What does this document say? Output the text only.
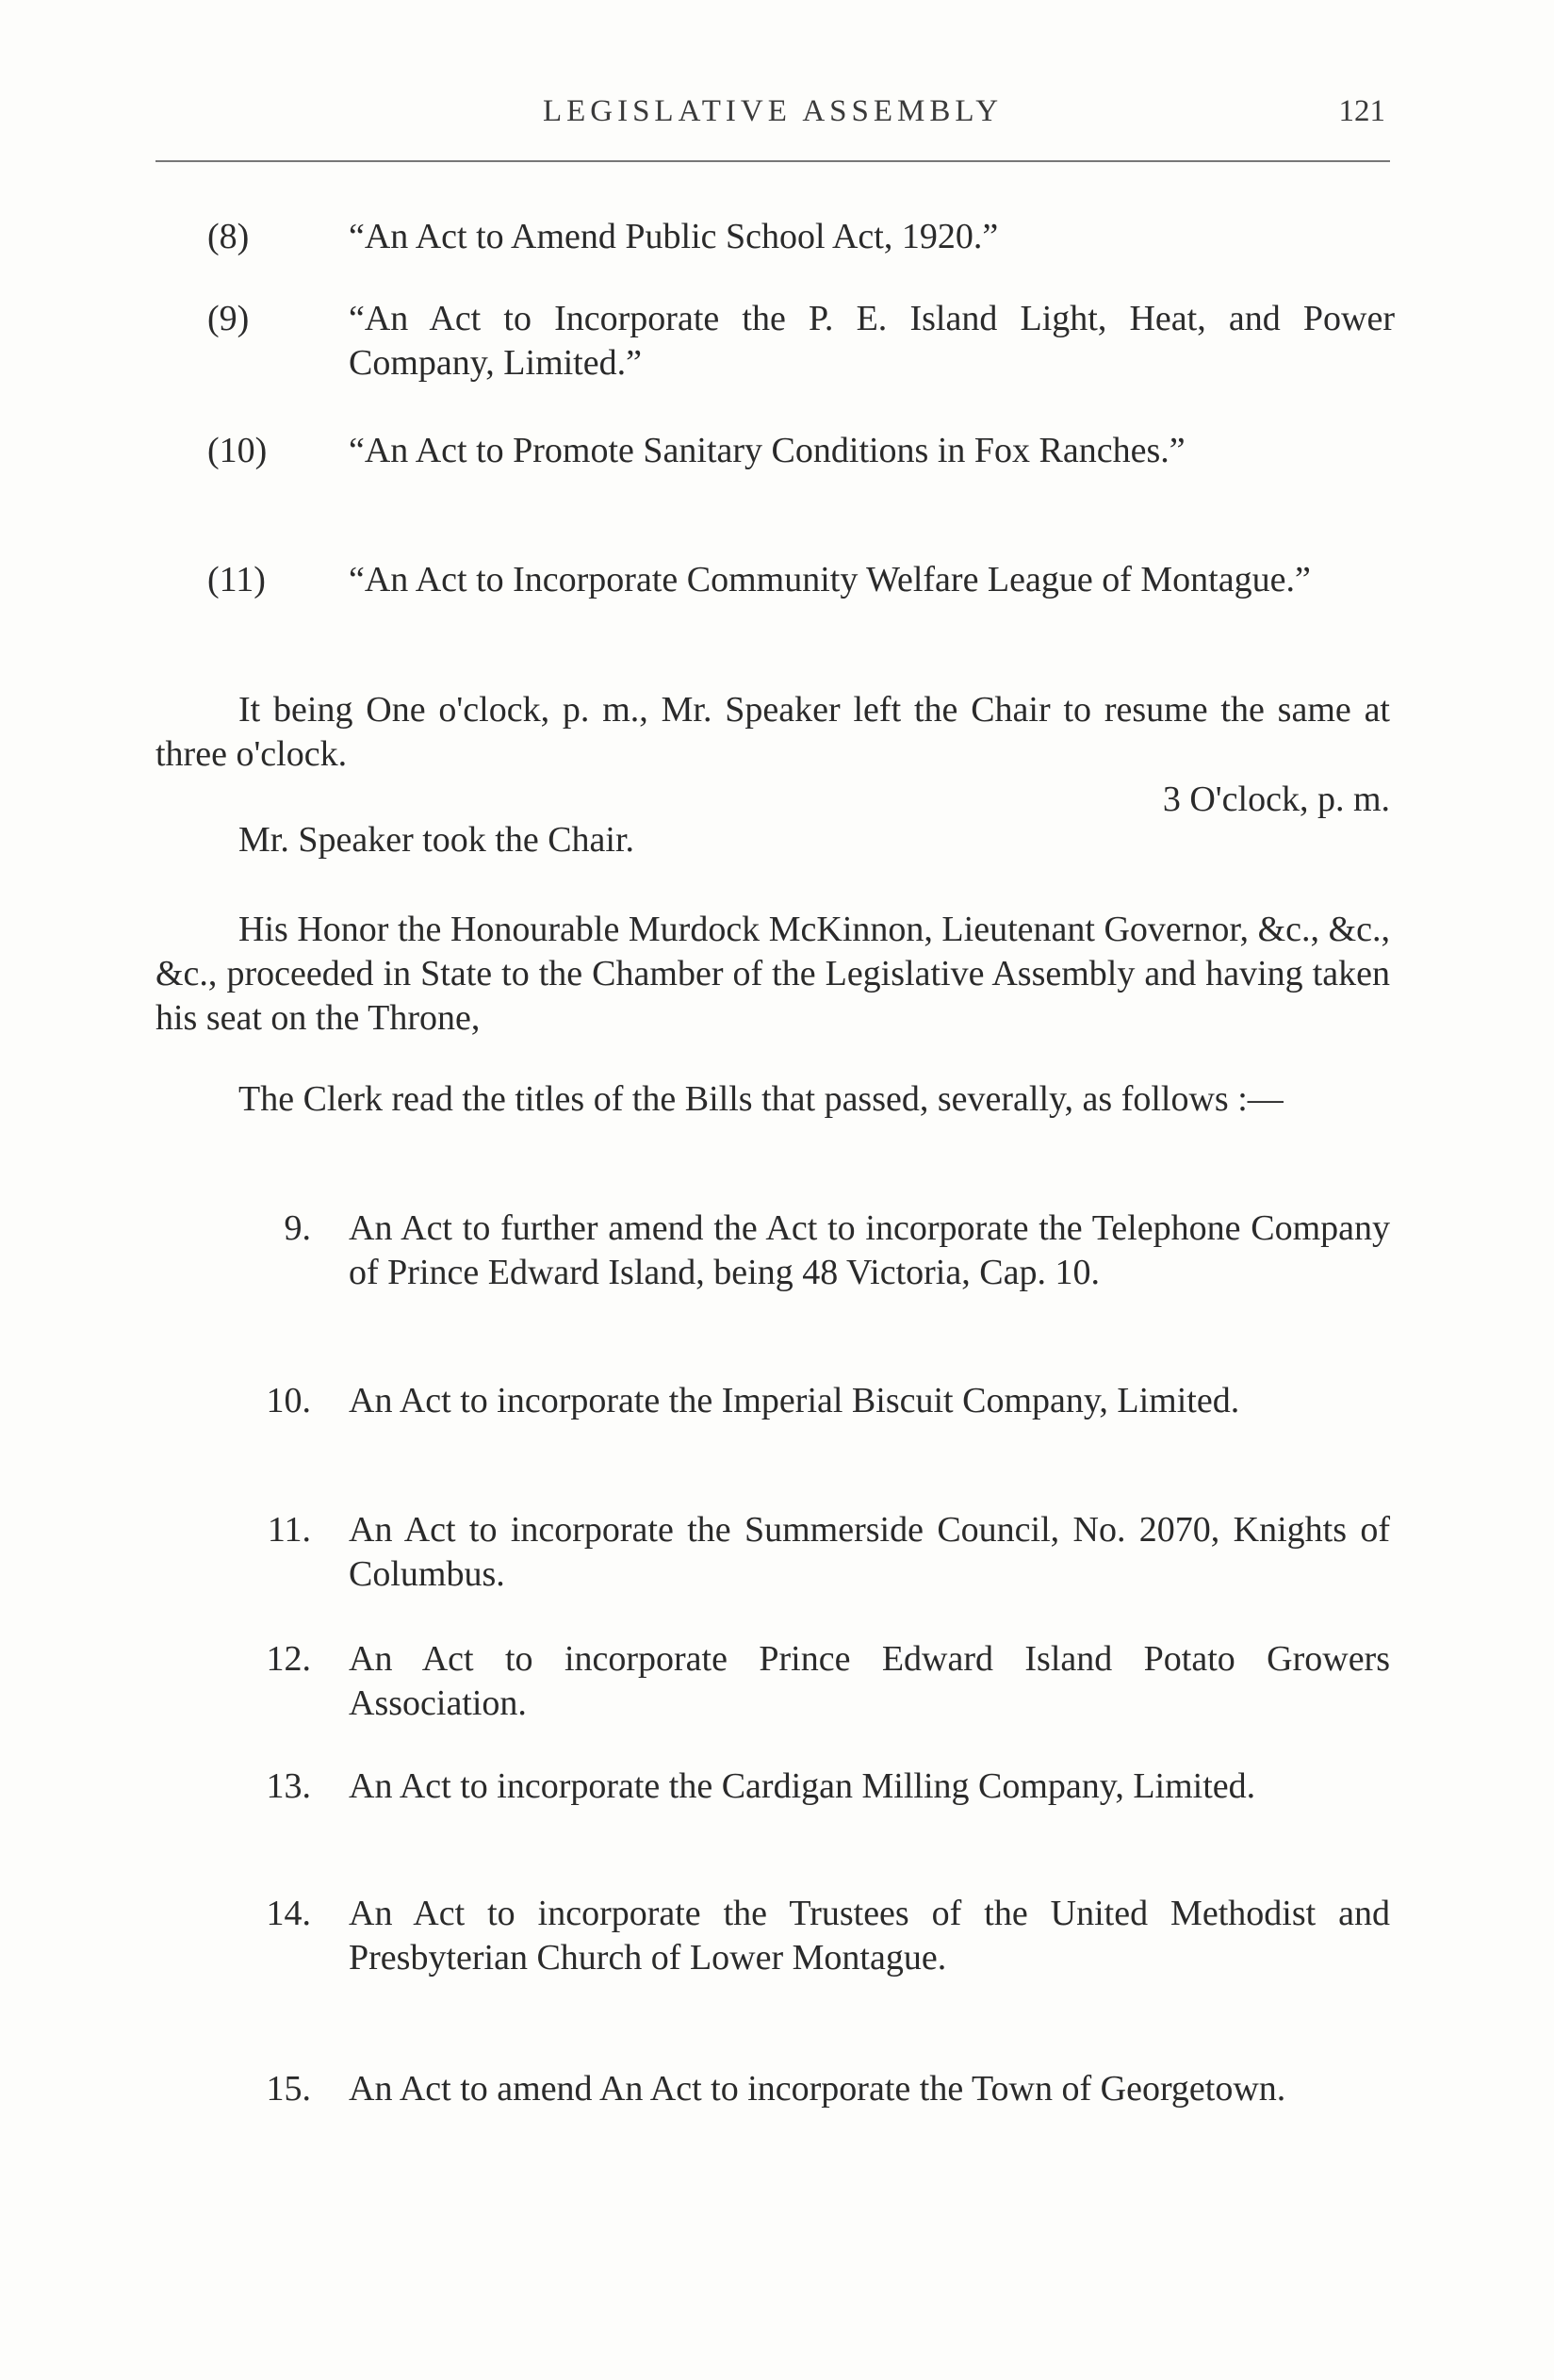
LEGISLATIVE ASSEMBLY	121
(8)	“An Act to Amend Public School Act, 1920.”
(9)	“An Act to Incorporate the P. E. Island Light, Heat, and Power Company, Limited.”
(10) “An Act to Promote Sanitary Conditions in Fox Ranches.”
(11) “An Act to Incorporate Community Welfare League of Montague.”
It being One o'clock, p. m., Mr. Speaker left the Chair to resume the same at three o'clock.
3 O'clock, p. m.
Mr. Speaker took the Chair.
His Honor the Honourable Murdock McKinnon, Lieutenant Governor, &c., &c., &c., proceeded in State to the Chamber of the Legislative Assembly and having taken his seat on the Throne,
The Clerk read the titles of the Bills that passed, severally, as follows :—
9. An Act to further amend the Act to incorporate the Telephone Company of Prince Edward Island, being 48 Victoria, Cap. 10.
10. An Act to incorporate the Imperial Biscuit Company, Limited.
11. An Act to incorporate the Summerside Council, No. 2070, Knights of Columbus.
12. An Act to incorporate Prince Edward Island Potato Growers Association.
13. An Act to incorporate the Cardigan Milling Company, Limited.
14. An Act to incorporate the Trustees of the United Methodist and Presbyterian Church of Lower Montague.
15. An Act to amend An Act to incorporate the Town of Georgetown.
